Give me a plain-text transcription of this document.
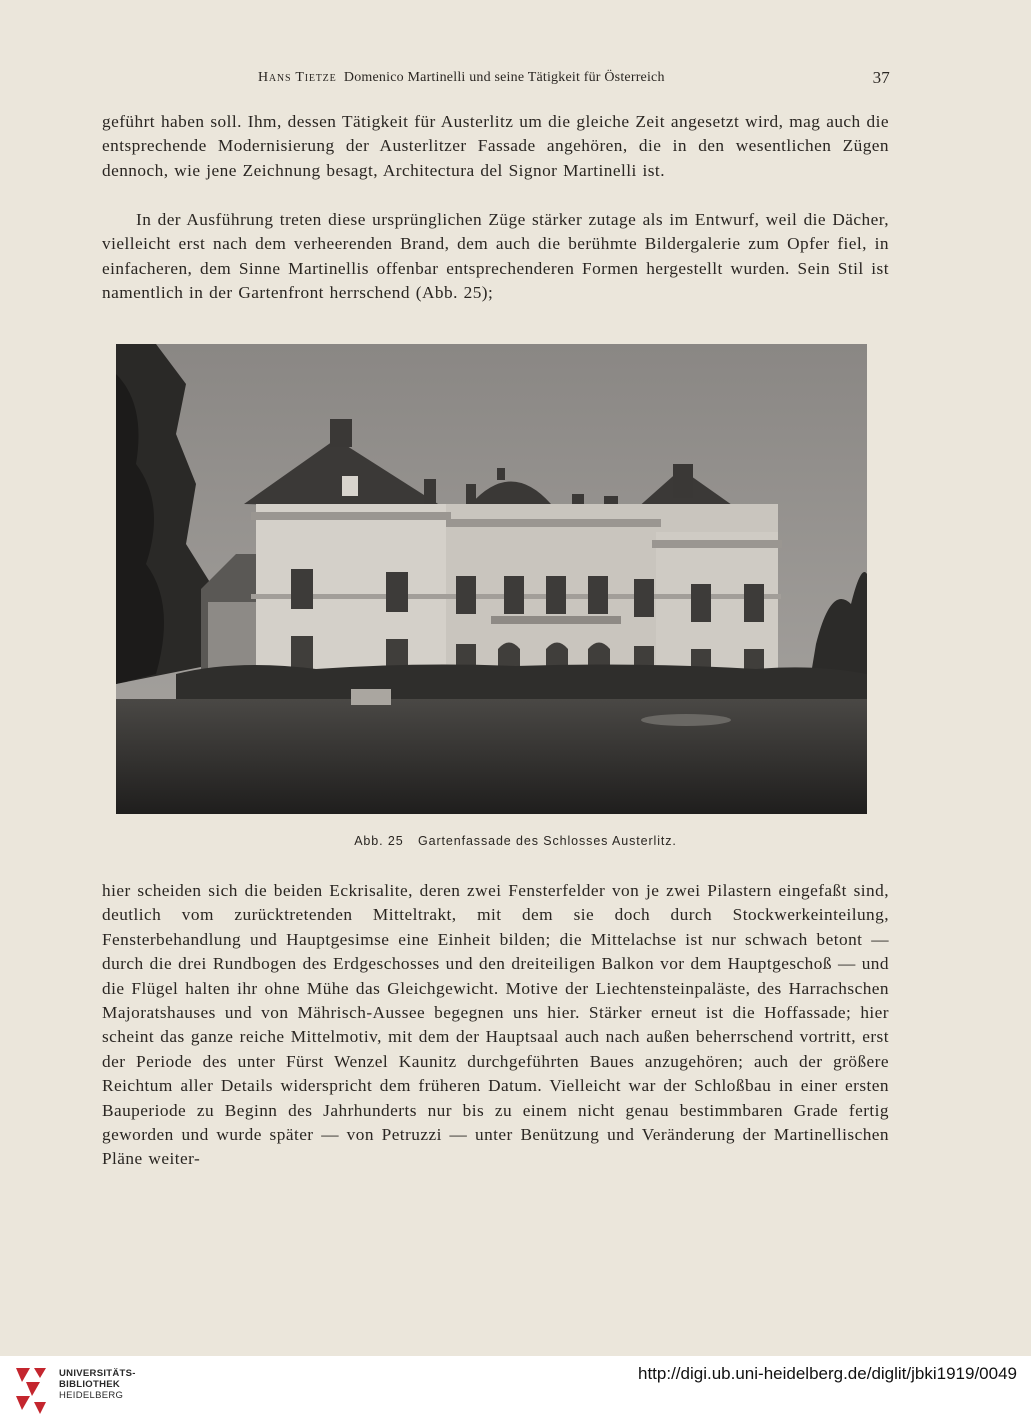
Hans Tietze Domenico Martinelli und seine Tätigkeit für Österreich	37
geführt haben soll. Ihm, dessen Tätigkeit für Austerlitz um die gleiche Zeit angesetzt wird, mag auch die entsprechende Modernisierung der Austerlitzer Fassade angehören, die in den wesentlichen Zügen dennoch, wie jene Zeichnung besagt, Architectura del Signor Martinelli ist.
In der Ausführung treten diese ursprünglichen Züge stärker zutage als im Entwurf, weil die Dächer, vielleicht erst nach dem verheerenden Brand, dem auch die berühmte Bildergalerie zum Opfer fiel, in einfacheren, dem Sinne Martinellis offenbar entsprechenderen Formen hergestellt wurden. Sein Stil ist namentlich in der Gartenfront herrschend (Abb. 25);
Abb. 25 Gartenfassade des Schlosses Austerlitz.
hier scheiden sich die beiden Eckrisalite, deren zwei Fensterfelder von je zwei Pilastern eingefaßt sind, deutlich vom zurücktretenden Mitteltrakt, mit dem sie doch durch Stockwerkeinteilung, Fensterbehandlung und Hauptgesimse eine Einheit bilden; die Mittelachse ist nur schwach betont — durch die drei Rundbogen des Erdgeschosses und den dreiteiligen Balkon vor dem Hauptgeschoß — und die Flügel halten ihr ohne Mühe das Gleichgewicht. Motive der Liechtensteinpaläste, des Harrachschen Majoratshauses und von Mährisch-Aussee begegnen uns hier. Stärker erneut ist die Hoffassade; hier scheint das ganze reiche Mittelmotiv, mit dem der Hauptsaal auch nach außen beherrschend vortritt, erst der Periode des unter Fürst Wenzel Kaunitz durchgeführten Baues anzugehören; auch der größere Reichtum aller Details widerspricht dem früheren Datum. Vielleicht war der Schloßbau in einer ersten Bauperiode zu Beginn des Jahrhunderts nur bis zu einem nicht genau bestimmbaren Grade fertig geworden und wurde später — von Petruzzi — unter Benützung und Veränderung der Martinellischen Pläne weiter-
UNIVERSITÄTS-
BIBLIOTHEK
HEIDELBERG
http://digi.ub.uni-heidelberg.de/diglit/jbki1919/0049
